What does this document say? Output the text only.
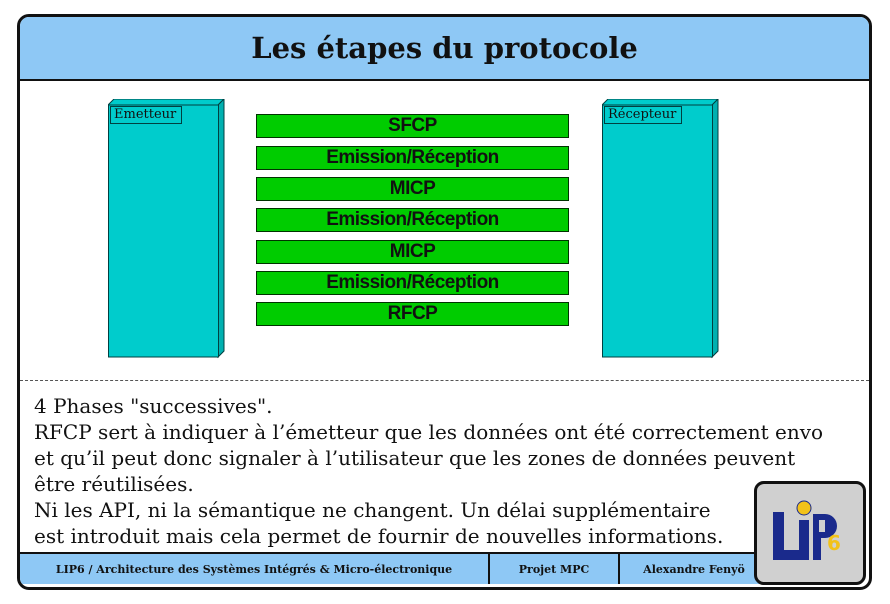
Les étapes du protocole
Emetteur	Récepteur
SFCP
Emission/Réception
MICP
Emission/Réception
MICP
Emission/Réception
RFCP
4 Phases "successives".
RFCP sert à indiquer à l’émetteur que les données ont été correctement envo
et qu’il peut donc signaler à l’utilisateur que les zones de données peuvent
être réutilisées.
Ni les API, ni la sémantique ne changent. Un délai supplémentaire
est introduit mais cela permet de fournir de nouvelles informations.
LIP6 / Architecture des Systèmes Intégrés & Micro-électronique	Projet MPC	Alexandre Fenyö
6
